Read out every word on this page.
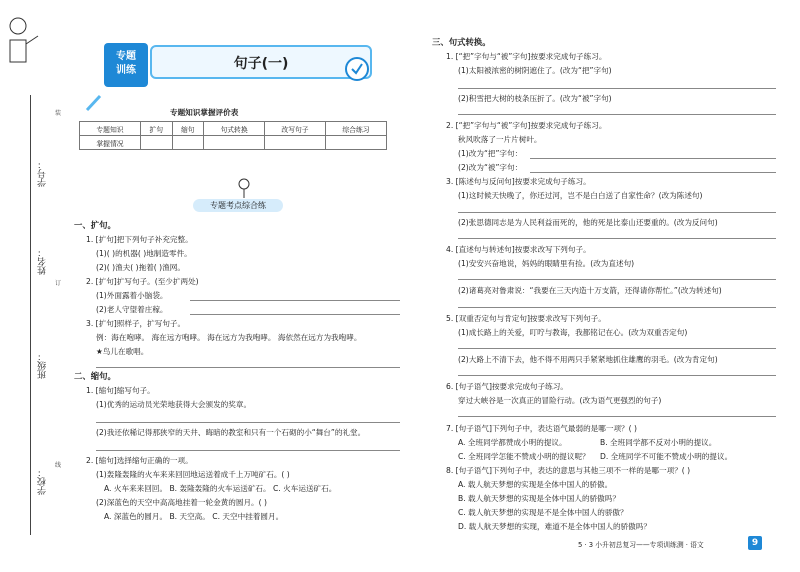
学号：
姓名：
班级：
学校：
装
订
线
专题
训练	句子(一)
专题知识掌握评价表
专题知识	扩句	缩句	句式转换	改写句子	综合练习
掌握情况					
专题考点综合练
一、扩句。
1. [扩句]把下列句子补充完整。
(1)( )的机器( )地制造零件。
(2)( )渔夫( )拖着( )渔网。
2. [扩句]扩写句子。(至少扩两处)
(1)外面露着小脑袋。
(2)老人守望着庄稼。
3. [扩句]照样子，扩写句子。
例：海在咆哮。 海在远方咆哮。 海在远方为我咆哮。 海依然在远方为我咆哮。
★鸟儿在歌唱。
二、缩句。
1. [缩句]缩写句子。
(1)优秀的运动员光荣地获得大会颁发的奖章。
(2)我还依稀记得那狭窄的天井、晦暗的教室和只有一个石砌的小“舞台”的礼堂。
2. [缩句]选择缩句正确的一项。
(1)轰隆轰隆的火车来来回回地运送着成千上万吨矿石。( )
A. 火车来来回回。 B. 轰隆轰隆的火车运送矿石。 C. 火车运送矿石。
(2)深蓝色的天空中高高地挂着一轮金黄的圆月。( )
A. 深蓝色的圆月。 B. 天空高。 C. 天空中挂着圆月。
三、句式转换。
1. [“把”字句与“被”字句]按要求完成句子练习。
(1)太阳被浓密的树阴遮住了。(改为“把”字句)
(2)积雪把大树的枝条压折了。(改为“被”字句)
2. [“把”字句与“被”字句]按要求完成句子练习。
秋风吹落了一片片树叶。
(1)改为“把”字句：
(2)改为“被”字句：
3. [陈述句与反问句]按要求完成句子练习。
(1)这时候天快晚了，你还过河，岂不是白白送了自家性命？(改为陈述句)
(2)张思德同志是为人民利益而死的，他的死是比泰山还要重的。(改为反问句)
4. [直述句与转述句]按要求改写下列句子。
(1)安安兴奋地说，妈妈的眼睛里有捡。(改为直述句)
(2)诸葛亮对鲁肃说：“我要在三天内造十万支箭，还得请你帮忙。”(改为转述句)
5. [双重否定句与肯定句]按要求改写下列句子。
(1)成长路上的关爱，叮咛与教诲，我都铭记在心。(改为双重否定句)
(2)大路上不清下去，他不得不用两只手紧紧地抓住雄鹰的羽毛。(改为肯定句)
6. [句子语气]按要求完成句子练习。
穿过大峡谷是一次真正的冒险行动。(改为语气更强烈的句子)
7. [句子语气]下列句子中，表达语气最弱的是哪一项？( )
A. 全班同学都赞成小明的提议。	B. 全班同学都不反对小明的提议。
C. 全班同学怎能不赞成小明的提议呢？ D. 全班同学不可能不赞成小明的提议。
8. [句子语气]下列句子中，表达的意思与其他三项不一样的是哪一项？( )
A. 载人航天梦想的实现是全体中国人的骄傲。
B. 载人航天梦想的实现是全体中国人的骄傲吗？
C. 载人航天梦想的实现是不是全体中国人的骄傲？
D. 载人航天梦想的实现，难道不是全体中国人的骄傲吗？
5 · 3 小升初总复习——专项训练测 · 语文	9
